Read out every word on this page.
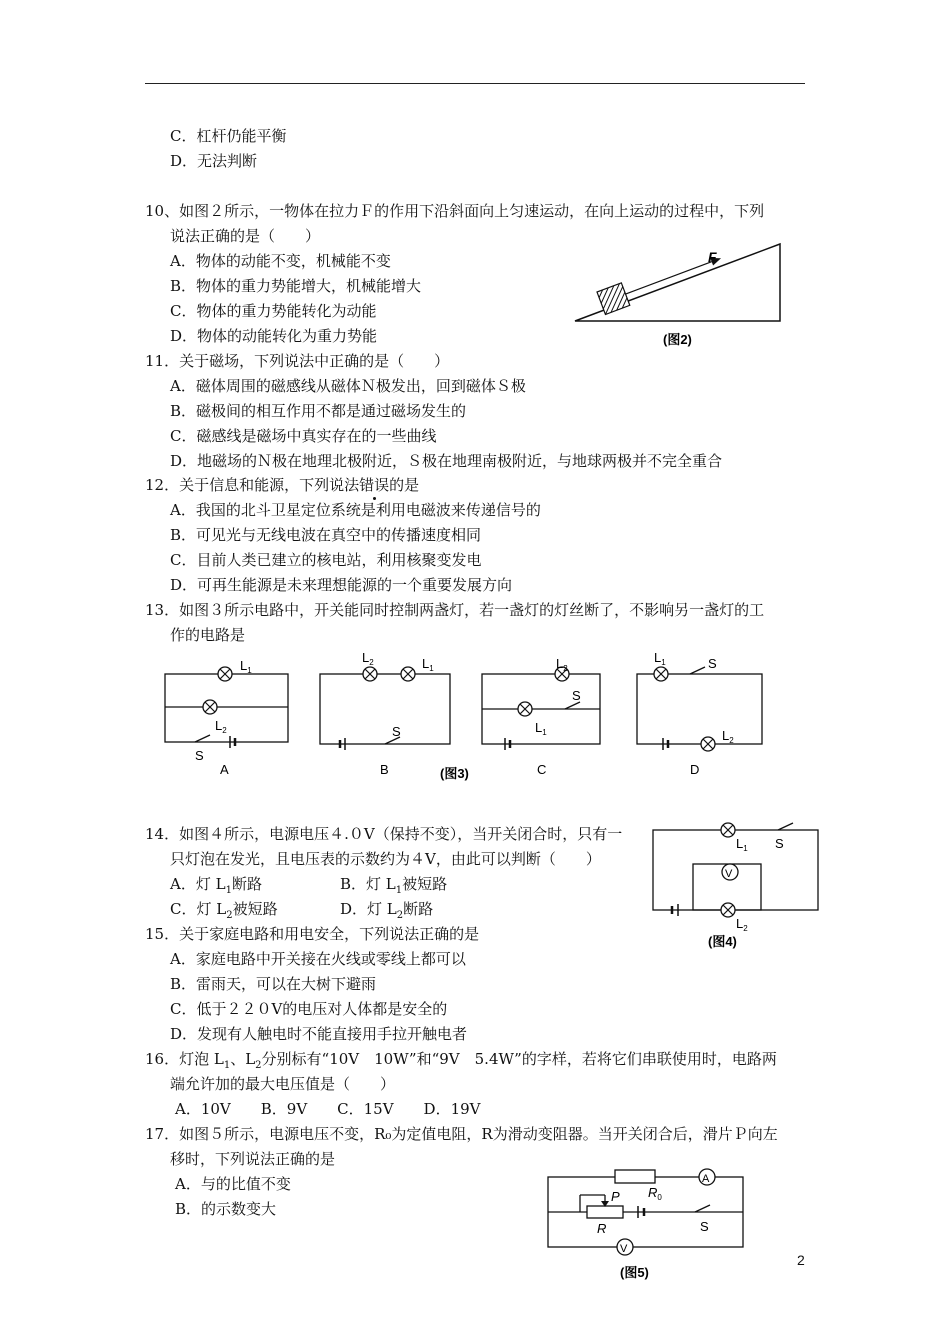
C．杠杆仍能平衡
D．无法判断
10、如图２所示，一物体在拉力Ｆ的作用下沿斜面向上匀速运动，在向上运动的过程中，下列
说法正确的是（　　）
A．物体的动能不变，机械能不变
B．物体的重力势能增大，机械能增大
C．物体的重力势能转化为动能
D．物体的动能转化为重力势能
F
(图2)
11．关于磁场，下列说法中正确的是（　　）
A．磁体周围的磁感线从磁体Ｎ极发出，回到磁体Ｓ极
B．磁极间的相互作用不都是通过磁场发生的
C．磁感线是磁场中真实存在的一些曲线
D．地磁场的Ｎ极在地理北极附近，Ｓ极在地理南极附近，与地球两极并不完全重合
12．关于信息和能源，下列说法错误的是
A．我国的北斗卫星定位系统是利用电磁波来传递信号的
B．可见光与无线电波在真空中的传播速度相同
C．目前人类已建立的核电站，利用核聚变发电
D．可再生能源是未来理想能源的一个重要发展方向
13．如图３所示电路中，开关能同时控制两盏灯，若一盏灯的灯丝断了，不影响另一盏灯的工
作的电路是
$L_1$
$L_2$
S
A
$L_2$	$L_1$
S
B
$L_2$
S
$L_1$
C
$L_1$	S
$L_2$
D
(图3)
14．如图４所示，电源电压４.０V（保持不变），当开关闭合时，只有一
只灯泡在发光，且电压表的示数约为４V，由此可以判断（　　）
A．灯 $L_1$断路	B．灯 $L_1$被短路
C．灯 $L_2$被短路	D．灯 $L_2$断路
V
$L_1$ S
$L_2$
(图4)
15．关于家庭电路和用电安全，下列说法正确的是
A．家庭电路中开关接在火线或零线上都可以
B．雷雨天，可以在大树下避雨
C．低于２２０V的电压对人体都是安全的
D．发现有人触电时不能直接用手拉开触电者
16．灯泡 $L_1$、$L_2$分别标有“10V　10W”和“9V　5.4W”的字样，若将它们串联使用时，电路两
端允许加的最大电压值是（　　）
A．10V　　B．9V　　C．15V　　D．19V
17．如图５所示，电源电压不变，R₀为定值电阻，R为滑动变阻器。当开关闭合后，滑片Ｐ向左
移时，下列说法正确的是
A．与的比值不变
B．的示数变大
A
V
P
R
$R_0$
S
(图5)
2
